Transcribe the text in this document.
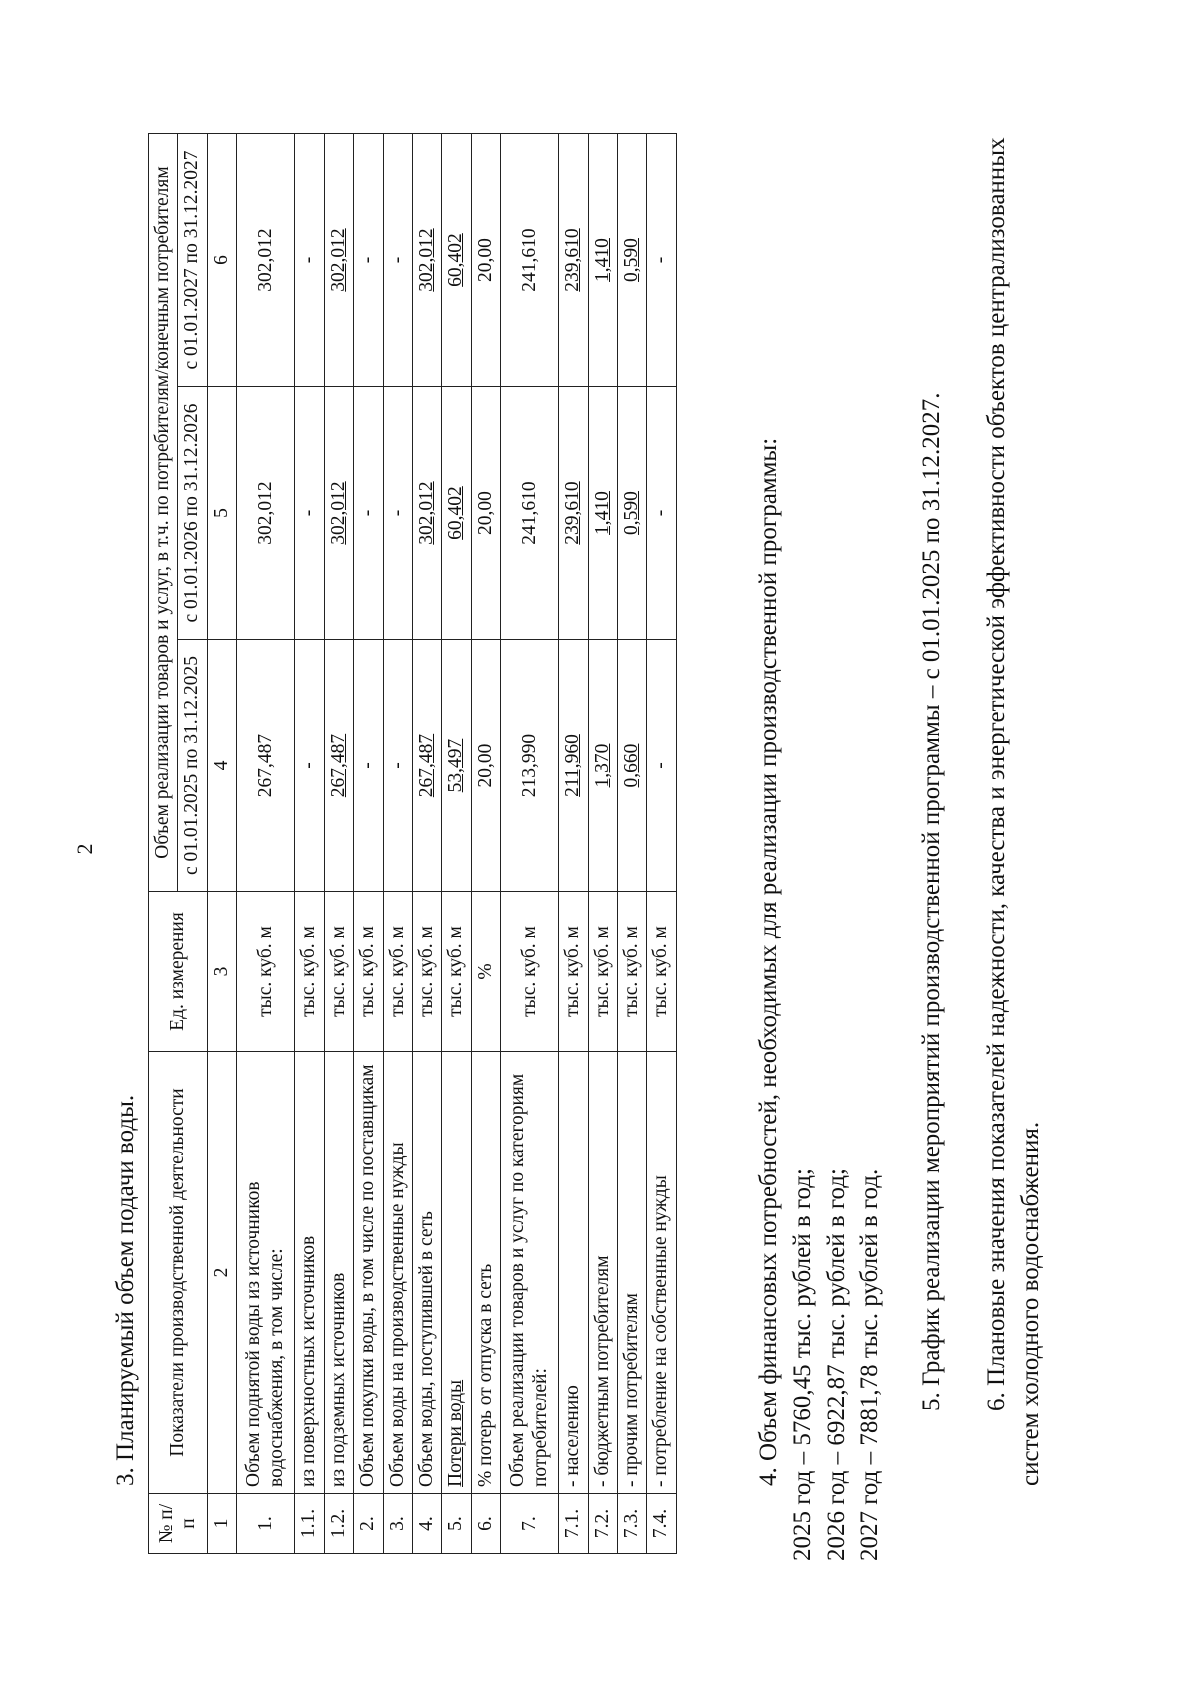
2
3. Планируемый объем подачи воды.
№ п/п	Показатели производственной деятельности	Ед. измерения	Объем реализации товаров и услуг, в т.ч. по потребителям/конечным потребителям		
			с 01.01.2025 по 31.12.2025	с 01.01.2026 по 31.12.2026	с 01.01.2027 по 31.12.2027
1	2	3	4	5	6
1.	Объем поднятой воды из источников водоснабжения, в том числе:	тыс. куб. м	267,487	302,012	302,012
1.1.	из поверхностных источников	тыс. куб. м	-	-	-
1.2.	из подземных источников	тыс. куб. м	267,487	302,012	302,012
2.	Объем покупки воды, в том числе по поставщикам	тыс. куб. м	-	-	-
3.	Объем воды на производственные нужды	тыс. куб. м	-	-	-
4.	Объем воды, поступившей в сеть	тыс. куб. м	267,487	302,012	302,012
5.	Потери воды	тыс. куб. м	53,497	60,402	60,402
6.	% потерь от отпуска в сеть	%	20,00	20,00	20,00
7.	Объем реализации товаров и услуг по категориям потребителей:	тыс. куб. м	213,990	241,610	241,610
7.1.	- населению	тыс. куб. м	211,960	239,610	239,610
7.2.	- бюджетным потребителям	тыс. куб. м	1,370	1,410	1,410
7.3.	- прочим потребителям	тыс. куб. м	0,660	0,590	0,590
7.4.	- потребление на собственные нужды	тыс. куб. м	-	-	-
4. Объем финансовых потребностей, необходимых для реализации производственной программы: 2025 год – 5760,45 тыс. рублей в год; 2026 год – 6922,87 тыс. рублей в год; 2027 год – 7881,78 тыс. рублей в год. 5. График реализации мероприятий производственной программы – с 01.01.2025 по 31.12.2027. 6. Плановые значения показателей надежности, качества и энергетической эффективности объектов централизованных систем холодного водоснабжения.
